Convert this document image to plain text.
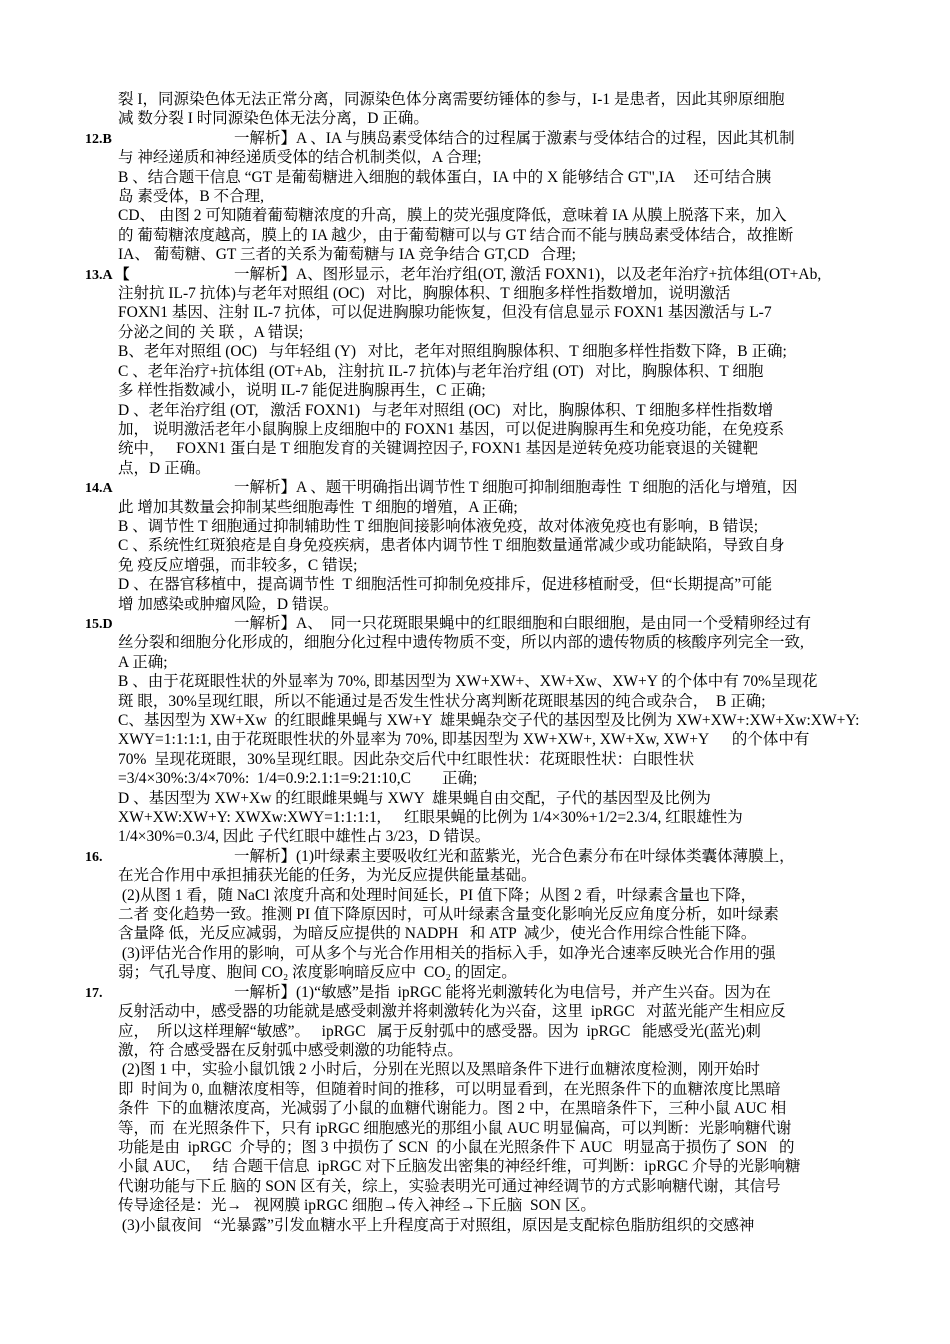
裂 I，同源染色体无法正常分离，同源染色体分离需要纺锤体的参与，I-1 是患者，因此其卵原细胞
减 数分裂 I 时同源染色体无法分离，D 正确。
12.B	一解析】A 、IA 与胰岛素受体结合的过程属于激素与受体结合的过程，因此其机制
与 神经递质和神经递质受体的结合机制类似，A 合理;
B 、结合题干信息 “GT 是葡萄糖进入细胞的载体蛋白，IA 中的 X 能够结合 GT",IA     还可结合胰
岛 素受体，B 不合理,
CD、 由图 2 可知随着葡萄糖浓度的升高，膜上的荧光强度降低，意味着 IA 从膜上脱落下来，加入
的 葡萄糖浓度越高，膜上的 IA 越少，由于葡萄糖可以与 GT 结合而不能与胰岛素受体结合，故推断
IA、 葡萄糖、GT 三者的关系为葡萄糖与 IA 竞争结合 GT,CD   合理;
13.A 【	一解析】A、图形显示，老年治疗组(OT, 激活 FOXN1)，以及老年治疗+抗体组(OT+Ab,
注射抗 IL-7 抗体)与老年对照组 (OC)   对比，胸腺体积、T 细胞多样性指数增加，说明激活
FOXN1 基因、注射 IL-7 抗体，可以促进胸腺功能恢复，但没有信息显示 FOXN1 基因激活与 L-7
分泌之间的 关 联 ，A 错误;
B、老年对照组 (OC)   与年轻组 (Y)   对比，老年对照组胸腺体积、T 细胞多样性指数下降，B 正确;
C 、老年治疗+抗体组 (OT+Ab,   注射抗 IL-7 抗体)与老年治疗组 (OT)   对比，胸腺体积、T 细胞
多 样性指数减小，说明 IL-7 能促进胸腺再生，C 正确;
D 、老年治疗组 (OT,   激活 FOXN1)   与老年对照组 (OC)   对比，胸腺体积、T 细胞多样性指数增
加， 说明激活老年小鼠胸腺上皮细胞中的 FOXN1 基因，可以促进胸腺再生和免疫功能，在免疫系
统中，   FOXN1 蛋白是 T 细胞发育的关键调控因子, FOXN1 基因是逆转免疫功能衰退的关键靶
点，D 正确。
14.A	一解析】A 、题干明确指出调节性 T 细胞可抑制细胞毒性  T 细胞的活化与增殖，因
此 增加其数量会抑制某些细胞毒性  T 细胞的增殖，A 正确;
B 、调节性 T 细胞通过抑制辅助性 T 细胞间接影响体液免疫，故对体液免疫也有影响，B 错误;
C 、系统性红斑狼疮是自身免疫疾病，患者体内调节性 T 细胞数量通常减少或功能缺陷，导致自身
免 疫反应增强，而非较多，C 错误;
D 、在器官移植中，提高调节性  T 细胞活性可抑制免疫排斥，促进移植耐受，但“长期提高”可能
增 加感染或肿瘤风险，D 错误。
15.D	一解析】A、  同一只花斑眼果蝇中的红眼细胞和白眼细胞，是由同一个受精卵经过有
丝分裂和细胞分化形成的，细胞分化过程中遗传物质不变，所以内部的遗传物质的核酸序列完全一致,
A 正确;
B 、由于花斑眼性状的外显率为 70%, 即基因型为 XW+XW+、XW+Xw、XW+Y 的个体中有 70%呈现花
斑 眼，30%呈现红眼，所以不能通过是否发生性状分离判断花斑眼基因的纯合或杂合，  B 正确;
C、基因型为 XW+Xw  的红眼雌果蝇与 XW+Y  雄果蝇杂交子代的基因型及比例为 XW+XW+:XW+Xw:XW+Y:
XWY=1:1:1:1, 由于花斑眼性状的外显率为 70%, 即基因型为 XW+XW+, XW+Xw, XW+Y      的个体中有
70%  呈现花斑眼，30%呈现红眼。因此杂交后代中红眼性状：花斑眼性状：白眼性状
=3/4×30%:3/4×70%:  1/4=0.9:2.1:1=9:21:10,C        正确;
D 、基因型为 XW+Xw 的红眼雌果蝇与 XWY  雄果蝇自由交配，子代的基因型及比例为
XW+XW:XW+Y: XWXw:XWY=1:1:1:1,      红眼果蝇的比例为 1/4×30%+1/2=2.3/4, 红眼雄性为
1/4×30%=0.3/4, 因此 子代红眼中雄性占 3/23，D 错误。
16.	一解析】(1)叶绿素主要吸收红光和蓝紫光，光合色素分布在叶绿体类囊体薄膜上，
在光合作用中承担捕获光能的任务，为光反应提供能量基础。
(2)从图 1 看，随 NaCl 浓度升高和处理时间延长，PI 值下降；从图 2 看，叶绿素含量也下降，
二者 变化趋势一致。推测 PI 值下降原因时，可从叶绿素含量变化影响光反应角度分析，如叶绿素
含量降 低，光反应减弱，为暗反应提供的 NADPH   和 ATP  减少，使光合作用综合性能下降。
(3)评估光合作用的影响，可从多个与光合作用相关的指标入手，如净光合速率反映光合作用的强
弱；气孔导度、胞间 CO₂ 浓度影响暗反应中  CO₂ 的固定。
17.	一解析】(1)“敏感”是指  ipRGC 能将光刺激转化为电信号，并产生兴奋。因为在
反射活动中，感受器的功能就是感受刺激并将刺激转化为兴奋，这里  ipRGC   对蓝光能产生相应反
应，  所以这样理解“敏感”。   ipRGC   属于反射弧中的感受器。因为  ipRGC   能感受光(蓝光)刺
激，符 合感受器在反射弧中感受刺激的功能特点。
(2)图 1 中，实验小鼠饥饿 2 小时后，分别在光照以及黑暗条件下进行血糖浓度检测，刚开始时
即  时间为 0, 血糖浓度相等，但随着时间的推移，可以明显看到，在光照条件下的血糖浓度比黑暗
条件  下的血糖浓度高，光减弱了小鼠的血糖代谢能力。图 2 中，在黑暗条件下，三种小鼠 AUC 相
等，而  在光照条件下，只有 ipRGC 细胞感光的那组小鼠 AUC 明显偏高，可以判断：光影响糖代谢
功能是由  ipRGC  介导的；图 3 中损伤了 SCN  的小鼠在光照条件下 AUC   明显高于损伤了 SON   的
小鼠 AUC，   结 合题干信息  ipRGC 对下丘脑发出密集的神经纤维，可判断：ipRGC 介导的光影响糖
代谢功能与下丘 脑的 SON 区有关，综上，实验表明光可通过神经调节的方式影响糖代谢，其信号
传导途径是：光→   视网膜 ipRGC 细胞→传入神经→下丘脑  SON 区。
(3)小鼠夜间   “光暴露”引发血糖水平上升程度高于对照组，原因是支配棕色脂肪组织的交感神
